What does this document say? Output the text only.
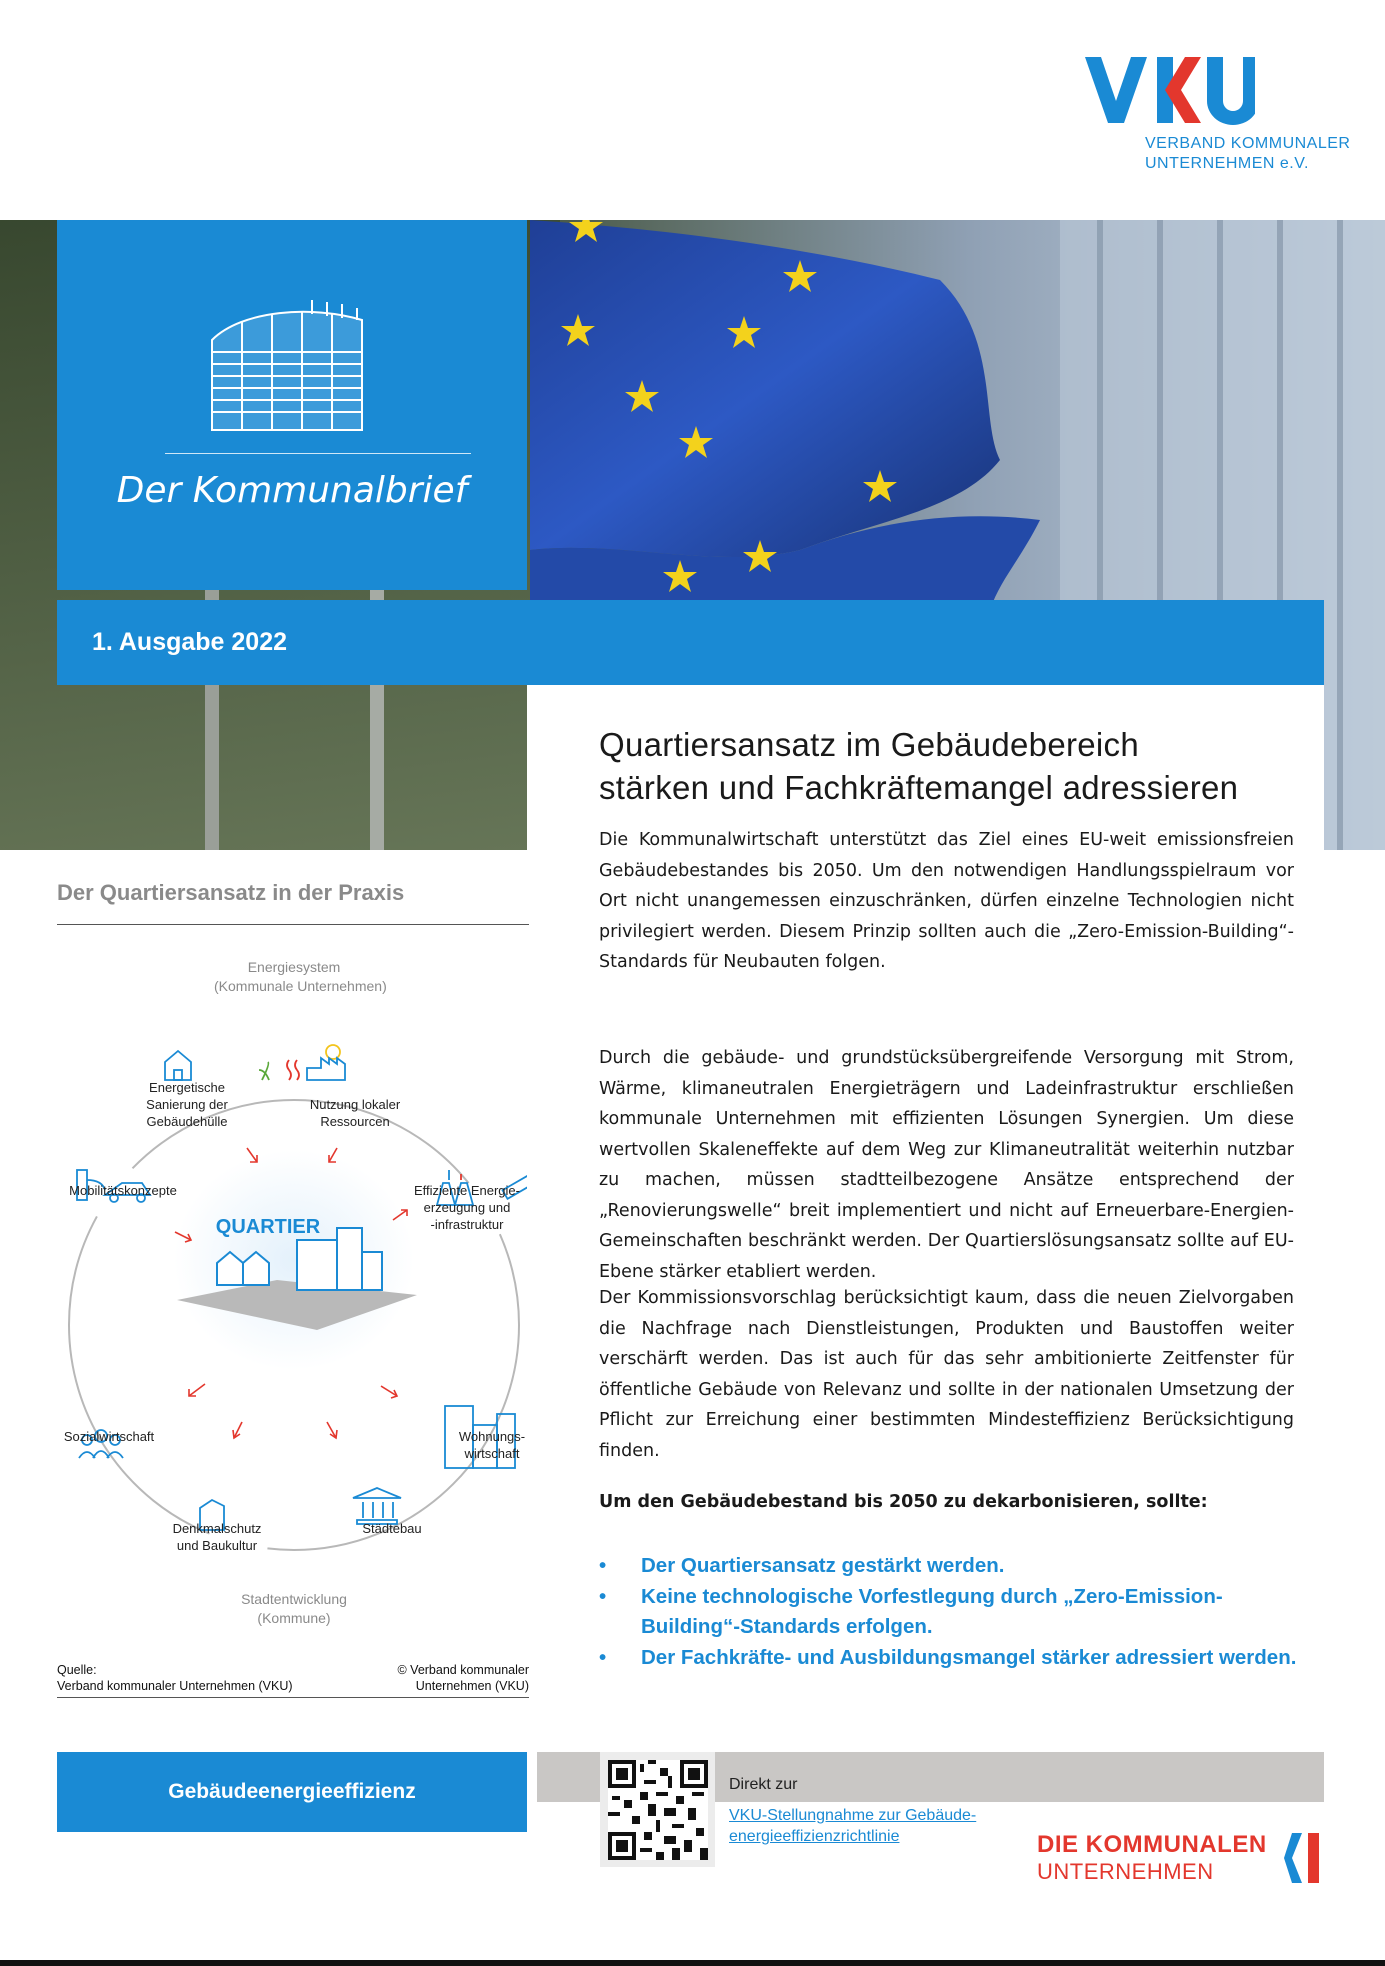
VERBAND KOMMUNALER
UNTERNEHMEN e.V.
Der Kommunalbrief
1. Ausgabe 2022
Quartiersansatz im Gebäudebereich
stärken und Fachkräftemangel adressieren
Die Kommunalwirtschaft unterstützt das Ziel eines EU-weit emissionsfreien Gebäudebestandes bis 2050. Um den notwendigen Handlungsspielraum vor Ort nicht unangemessen einzuschränken, dürfen einzelne Technologien nicht privilegiert werden. Diesem Prinzip sollten auch die „Zero-Emission-Building“-Standards für Neubauten folgen.
Durch die gebäude- und grundstücksübergreifende Versorgung mit Strom, Wärme, klimaneutralen Energieträgern und Ladeinfrastruktur erschließen kommunale Unternehmen mit effizienten Lösungen Synergien. Um diese wertvollen Skaleneffekte auf dem Weg zur Klimaneutralität weiterhin nutzbar zu machen, müssen stadtteilbezogene Ansätze entsprechend der „Renovierungswelle“ breit implementiert und nicht auf Erneuerbare-Energien-Gemeinschaften beschränkt werden. Der Quartierslösungsansatz sollte auf EU-Ebene stärker etabliert werden.
Der Kommissionsvorschlag berücksichtigt kaum, dass die neuen Zielvorgaben die Nachfrage nach Dienstleistungen, Produkten und Baustoffen weiter verschärft werden. Das ist auch für das sehr ambitionierte Zeitfenster für öffentliche Gebäude von Relevanz und sollte in der nationalen Umsetzung der Pflicht zur Erreichung einer bestimmten Mindesteffizienz Berücksichtigung finden.
Um den Gebäudebestand bis 2050 zu dekarbonisieren, sollte:
• Der Quartiersansatz gestärkt werden.
• Keine technologische Vorfestlegung durch „Zero-Emission-Building“-Standards erfolgen.
• Der Fachkräfte- und Ausbildungsmangel stärker adressiert werden.
Der Quartiersansatz in der Praxis
Energiesystem
(Kommunale Unternehmen)
QUARTIER
Energetische
Sanierung der
Gebäudehülle
Nutzung lokaler
Ressourcen
Mobilitätskonzepte	Effiziente Energie-
erzeugung und
-infrastruktur
Sozialwirtschaft	Wohnungs-
wirtschaft
Denkmalschutz
und Baukultur
Städtebau
Stadtentwicklung
(Kommune)
Quelle:
Verband kommunaler Unternehmen (VKU)
© Verband kommunaler
Unternehmen (VKU)
Gebäudeenergieeffizienz	Direkt zur
VKU-Stellungnahme zur Gebäude-
energieeffizienzrichtlinie	DIE KOMMUNALEN
UNTERNEHMEN
